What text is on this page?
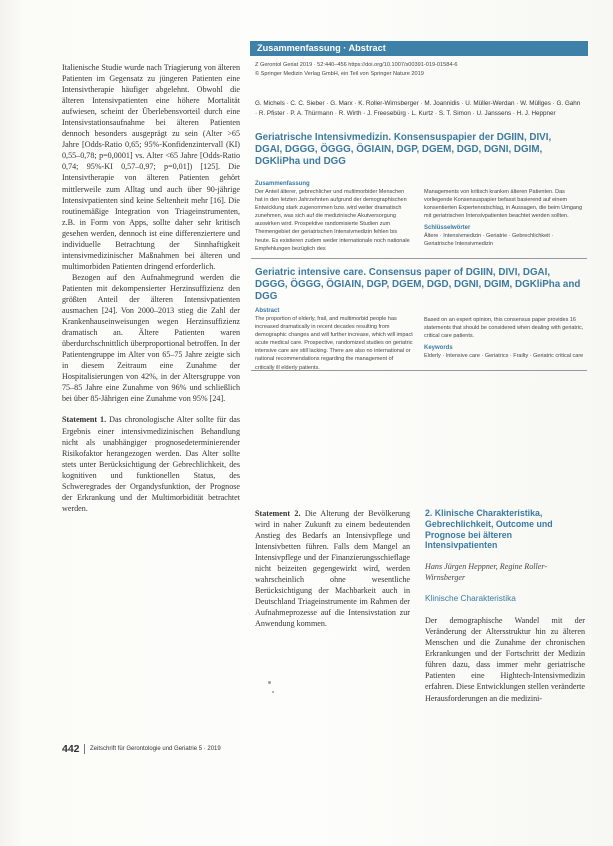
Italienische Studie wurde nach Triagierung von älteren Patienten im Gegensatz zu jüngeren Patienten eine Intensivtherapie häufiger abgelehnt. Obwohl die älteren Intensivpatienten eine höhere Mortalität aufwiesen, scheint der Überlebensvorteil durch eine Intensivstationsaufnahme bei älteren Patienten dennoch besonders ausgeprägt zu sein (Alter >65 Jahre [Odds-Ratio 0,65; 95%-Konfidenzintervall (KI) 0,55–0,78; p=0,0001] vs. Alter <65 Jahre [Odds-Ratio 0,74; 95%-KI 0,57–0,97; p=0,01]) [125]. Die Intensivtherapie von älteren Patienten gehört mittlerweile zum Alltag und auch über 90-jährige Intensivpatienten sind keine Seltenheit mehr [16]. Die routinemäßige Integration von Triageinstrumenten, z.B. in Form von Apps, sollte daher sehr kritisch gesehen werden, dennoch ist eine differenziertere und individuelle Betrachtung der Sinnhaftigkeit intensivmedizinischer Maßnahmen bei älteren und multimorbiden Patienten dringend erforderlich.

Bezogen auf den Aufnahmegrund werden die Patienten mit dekompensierter Herzinsuffizienz den größten Anteil der älteren Intensivpatienten ausmachen [24]. Von 2000–2013 stieg die Zahl der Krankenhauseinweisungen wegen Herzinsuffizienz dramatisch an. Ältere Patienten waren überdurchschnittlich überproportional betroffen. In der Patientengruppe im Alter von 65–75 Jahre zeigte sich in diesem Zeitraum eine Zunahme der Hospitalisierungen von 42%, in der Altersgruppe von 75–85 Jahre eine Zunahme von 96% und schließlich bei über 85-Jährigen eine Zunahme von 95% [24].

Statement 1. Das chronologische Alter sollte für das Ergebnis einer intensivmedizinischen Behandlung nicht als unabhängiger prognosedeterminierender Risikofaktor herangezogen werden. Das Alter sollte stets unter Berücksichtigung der Gebrechlichkeit, des kognitiven und funktionellen Status, des Schweregrades der Organdysfunktion, der Prognose der Erkrankung und der Multimorbidität betrachtet werden.

Zusammenfassung · Abstract
Z Gerontol Geriat 2019 · 52:440–456 https://doi.org/10.1007/s00391-019-01584-6
© Springer Medizin Verlag GmbH, ein Teil von Springer Nature 2019
G. Michels · C. C. Sieber · G. Marx · K. Roller-Wirnsberger · M. Joannidis · U. Müller-Werdan · W. Müllges · G. Gahn · R. Pfister · P. A. Thürmann · R. Wirth · J. Freesebürg · L. Kurtz · S. T. Simon · U. Janssens · H. J. Heppner
Geriatrische Intensivmedizin. Konsensuspapier der DGIIN, DIVI, DGAI, DGGG, ÖGGG, ÖGIAIN, DGP, DGEM, DGD, DGNI, DGIM, DGKliPha und DGG
Zusammenfassung
Der Anteil älterer, gebrechlicher und multimorbider Menschen hat in den letzten Jahrzehnten aufgrund der demographischen Entwicklung stark zugenommen bzw. wird weiter dramatisch zunehmen, was sich auf die medizinische Akutversorgung auswirken wird. Prospektive randomisierte Studien zum Themengebiet der geriatrischen Intensivmedizin fehlen bis heute. Es existieren zudem weder internationale noch nationale Empfehlungen bezüglich des
Managements von kritisch kranken älteren Patienten. Das vorliegende Konsensuspapier befasst basierend auf einem konsentierten Expertenratschlag, in Aussagen, die beim Umgang mit geriatrischen Intensivpatienten beachtet werden sollten.
Schlüsselwörter
Ältere · Intensivmedizin · Geriatrie · Gebrechlichkeit · Geriatrische Intensivmedizin
Geriatric intensive care. Consensus paper of DGIIN, DIVI, DGAI, DGGG, ÖGGG, ÖGIAIN, DGP, DGEM, DGD, DGNI, DGIM, DGKliPha and DGG
Abstract
The proportion of elderly, frail, and multimorbid people has increased dramatically in recent decades resulting from demographic changes and will further increase, which will impact acute medical care. Prospective, randomized studies on geriatric intensive care are still lacking. There are also no international or national recommendations regarding the management of critically ill elderly patients.
Based on an expert opinion, this consensus paper provides 16 statements that should be considered when dealing with geriatric, critical care patients.
Keywords
Elderly · Intensive care · Geriatrics · Frailty · Geriatric critical care

Statement 2. Die Alterung der Bevölkerung wird in naher Zukunft zu einem bedeutenden Anstieg des Bedarfs an Intensivpflege und Intensivbetten führen. Falls dem Mangel an Intensivpflege und der Finanzierungsschieflage nicht beizeiten gegengewirkt wird, werden wahrscheinlich ohne wesentliche Berücksichtigung der Machbarkeit auch in Deutschland Triageinstrumente im Rahmen der Aufnahmeprozesse auf die Intensivstation zur Anwendung kommen.

2. Klinische Charakteristika, Gebrechlichkeit, Outcome und Prognose bei älteren Intensivpatienten
Hans Jürgen Heppner, Regine Roller-Wirnsberger
Klinische Charakteristika

Der demographische Wandel mit der Veränderung der Altersstruktur hin zu älteren Menschen und die Zunahme der chronischen Erkrankungen und der Fortschritt der Medizin führen dazu, dass immer mehr geriatrische Patienten eine Hightech-Intensivmedizin erfahren. Diese Entwicklungen stellen veränderte Herausforderungen an die medizini-

442 Zeitschrift für Gerontologie und Geriatrie 5 · 2019
